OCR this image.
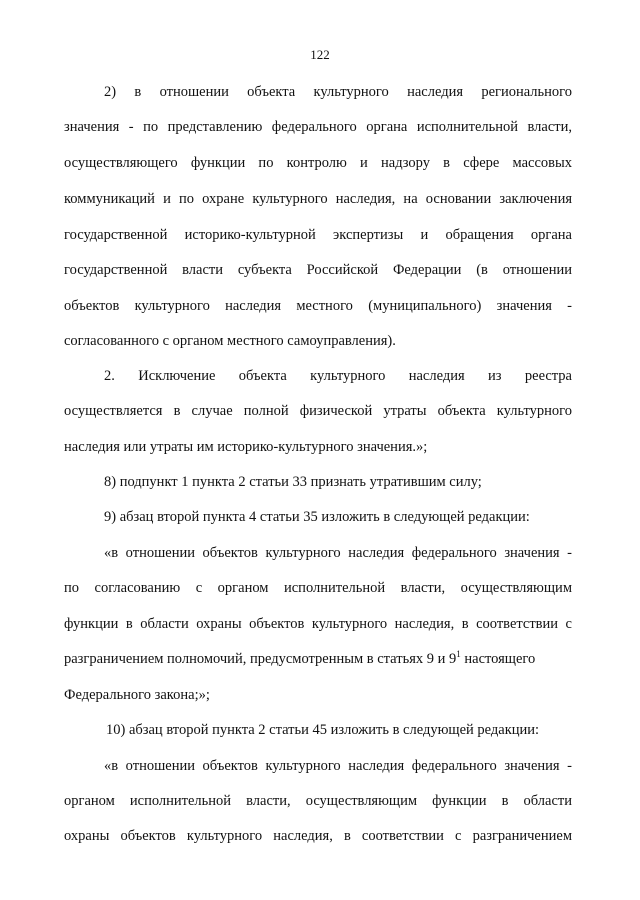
122
2) в отношении объекта культурного наследия регионального
значения - по представлению федерального органа исполнительной власти,
осуществляющего функции по контролю и надзору в сфере массовых
коммуникаций и по охране культурного наследия, на основании заключения
государственной историко-культурной экспертизы и обращения органа
государственной власти субъекта Российской Федерации (в отношении
объектов культурного наследия местного (муниципального) значения -
согласованного с органом местного самоуправления).
2. Исключение объекта культурного наследия из реестра
осуществляется в случае полной физической утраты объекта культурного
наследия или утраты им историко-культурного значения.»;
8) подпункт 1 пункта 2 статьи 33 признать утратившим силу;
9) абзац второй пункта 4 статьи 35 изложить в следующей редакции:
«в отношении объектов культурного наследия федерального значения -
по согласованию с органом исполнительной власти, осуществляющим
функции в области охраны объектов культурного наследия, в соответствии с
разграничением полномочий, предусмотренным в статьях 9 и $9^1$ настоящего
Федерального закона;»;
10) абзац второй пункта 2 статьи 45 изложить в следующей редакции:
«в отношении объектов культурного наследия федерального значения -
органом исполнительной власти, осуществляющим функции в области
охраны объектов культурного наследия, в соответствии с разграничением
